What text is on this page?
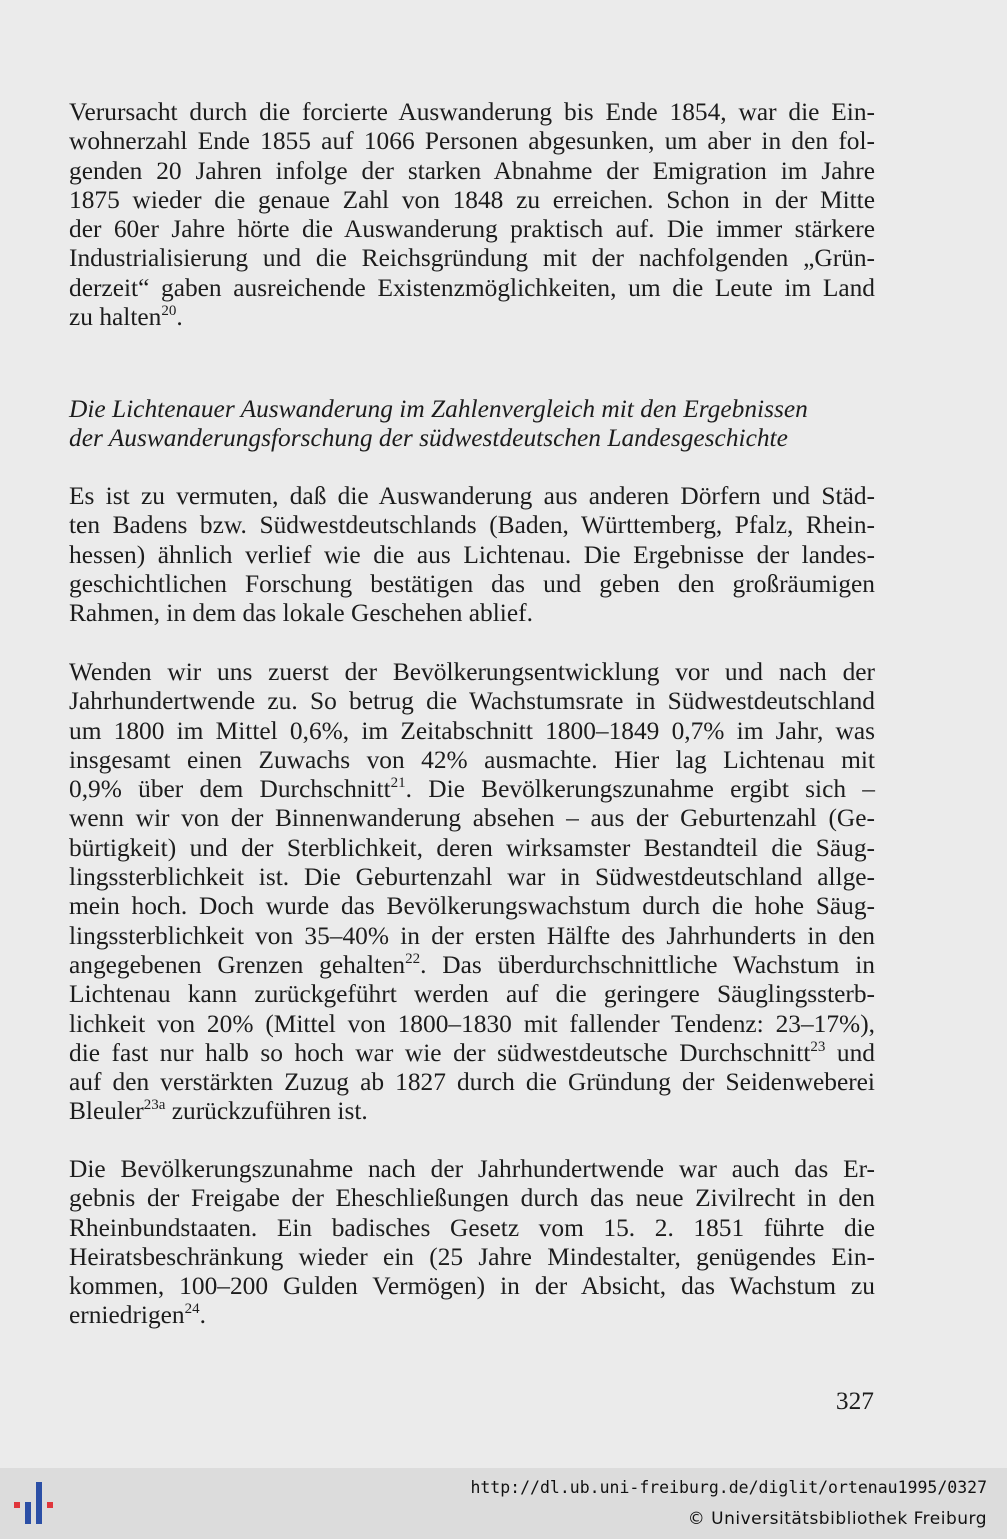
Verursacht durch die forcierte Auswanderung bis Ende 1854, war die Ein-
wohnerzahl Ende 1855 auf 1066 Personen abgesunken, um aber in den fol-
genden 20 Jahren infolge der starken Abnahme der Emigration im Jahre
1875 wieder die genaue Zahl von 1848 zu erreichen. Schon in der Mitte
der 60er Jahre hörte die Auswanderung praktisch auf. Die immer stärkere
Industrialisierung und die Reichsgründung mit der nachfolgenden „Grün-
derzeit“ gaben ausreichende Existenzmöglichkeiten, um die Leute im Land
zu halten$^{20}$.
Die Lichtenauer Auswanderung im Zahlenvergleich mit den Ergebnissen
der Auswanderungsforschung der südwestdeutschen Landesgeschichte
Es ist zu vermuten, daß die Auswanderung aus anderen Dörfern und Städ-
ten Badens bzw. Südwestdeutschlands (Baden, Württemberg, Pfalz, Rhein-
hessen) ähnlich verlief wie die aus Lichtenau. Die Ergebnisse der landes-
geschichtlichen Forschung bestätigen das und geben den großräumigen
Rahmen, in dem das lokale Geschehen ablief.
Wenden wir uns zuerst der Bevölkerungsentwicklung vor und nach der
Jahrhundertwende zu. So betrug die Wachstumsrate in Südwestdeutschland
um 1800 im Mittel 0,6%, im Zeitabschnitt 1800–1849 0,7% im Jahr, was
insgesamt einen Zuwachs von 42% ausmachte. Hier lag Lichtenau mit
0,9% über dem Durchschnitt$^{21}$. Die Bevölkerungszunahme ergibt sich –
wenn wir von der Binnenwanderung absehen – aus der Geburtenzahl (Ge-
bürtigkeit) und der Sterblichkeit, deren wirksamster Bestandteil die Säug-
lingssterblichkeit ist. Die Geburtenzahl war in Südwestdeutschland allge-
mein hoch. Doch wurde das Bevölkerungswachstum durch die hohe Säug-
lingssterblichkeit von 35–40% in der ersten Hälfte des Jahrhunderts in den
angegebenen Grenzen gehalten$^{22}$. Das überdurchschnittliche Wachstum in
Lichtenau kann zurückgeführt werden auf die geringere Säuglingssterb-
lichkeit von 20% (Mittel von 1800–1830 mit fallender Tendenz: 23–17%),
die fast nur halb so hoch war wie der südwestdeutsche Durchschnitt$^{23}$ und
auf den verstärkten Zuzug ab 1827 durch die Gründung der Seidenweberei
Bleuler$^{23a}$ zurückzuführen ist.
Die Bevölkerungszunahme nach der Jahrhundertwende war auch das Er-
gebnis der Freigabe der Eheschließungen durch das neue Zivilrecht in den
Rheinbundstaaten. Ein badisches Gesetz vom 15. 2. 1851 führte die
Heiratsbeschränkung wieder ein (25 Jahre Mindestalter, genügendes Ein-
kommen, 100–200 Gulden Vermögen) in der Absicht, das Wachstum zu
erniedrigen$^{24}$.
327
http://dl.ub.uni-freiburg.de/diglit/ortenau1995/0327
© Universitätsbibliothek Freiburg
